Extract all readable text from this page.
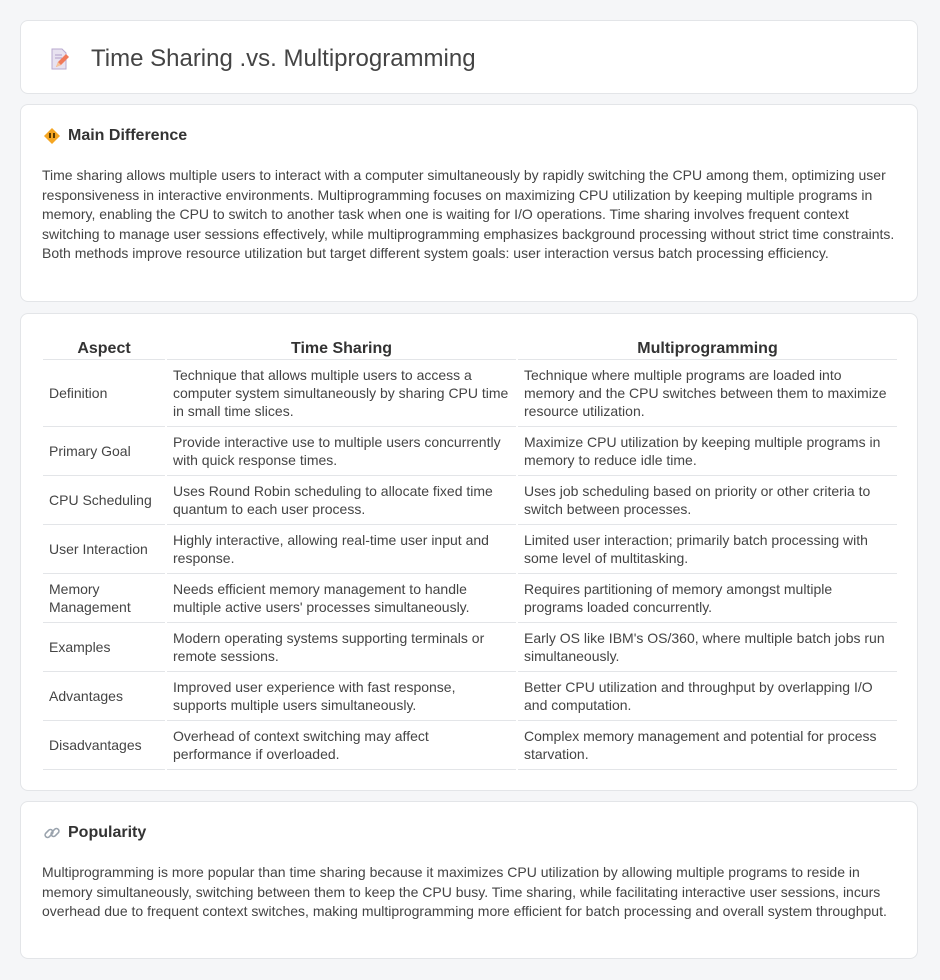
Time Sharing .vs. Multiprogramming
Main Difference

Time sharing allows multiple users to interact with a computer simultaneously by rapidly switching the CPU among them, optimizing user responsiveness in interactive environments. Multiprogramming focuses on maximizing CPU utilization by keeping multiple programs in memory, enabling the CPU to switch to another task when one is waiting for I/O operations. Time sharing involves frequent context switching to manage user sessions effectively, while multiprogramming emphasizes background processing without strict time constraints. Both methods improve resource utilization but target different system goals: user interaction versus batch processing efficiency.

Aspect	Time Sharing	Multiprogramming
Definition	Technique that allows multiple users to access a computer system simultaneously by sharing CPU time in small time slices.	Technique where multiple programs are loaded into memory and the CPU switches between them to maximize resource utilization.
Primary Goal	Provide interactive use to multiple users concurrently with quick response times.	Maximize CPU utilization by keeping multiple programs in memory to reduce idle time.
CPU Scheduling	Uses Round Robin scheduling to allocate fixed time quantum to each user process.	Uses job scheduling based on priority or other criteria to switch between processes.
User Interaction	Highly interactive, allowing real-time user input and response.	Limited user interaction; primarily batch processing with some level of multitasking.
Memory Management	Needs efficient memory management to handle multiple active users' processes simultaneously.	Requires partitioning of memory amongst multiple programs loaded concurrently.
Examples	Modern operating systems supporting terminals or remote sessions.	Early OS like IBM's OS/360, where multiple batch jobs run simultaneously.
Advantages	Improved user experience with fast response, supports multiple users simultaneously.	Better CPU utilization and throughput by overlapping I/O and computation.
Disadvantages	Overhead of context switching may affect performance if overloaded.	Complex memory management and potential for process starvation.
Popularity

Multiprogramming is more popular than time sharing because it maximizes CPU utilization by allowing multiple programs to reside in memory simultaneously, switching between them to keep the CPU busy. Time sharing, while facilitating interactive user sessions, incurs overhead due to frequent context switches, making multiprogramming more efficient for batch processing and overall system throughput.
